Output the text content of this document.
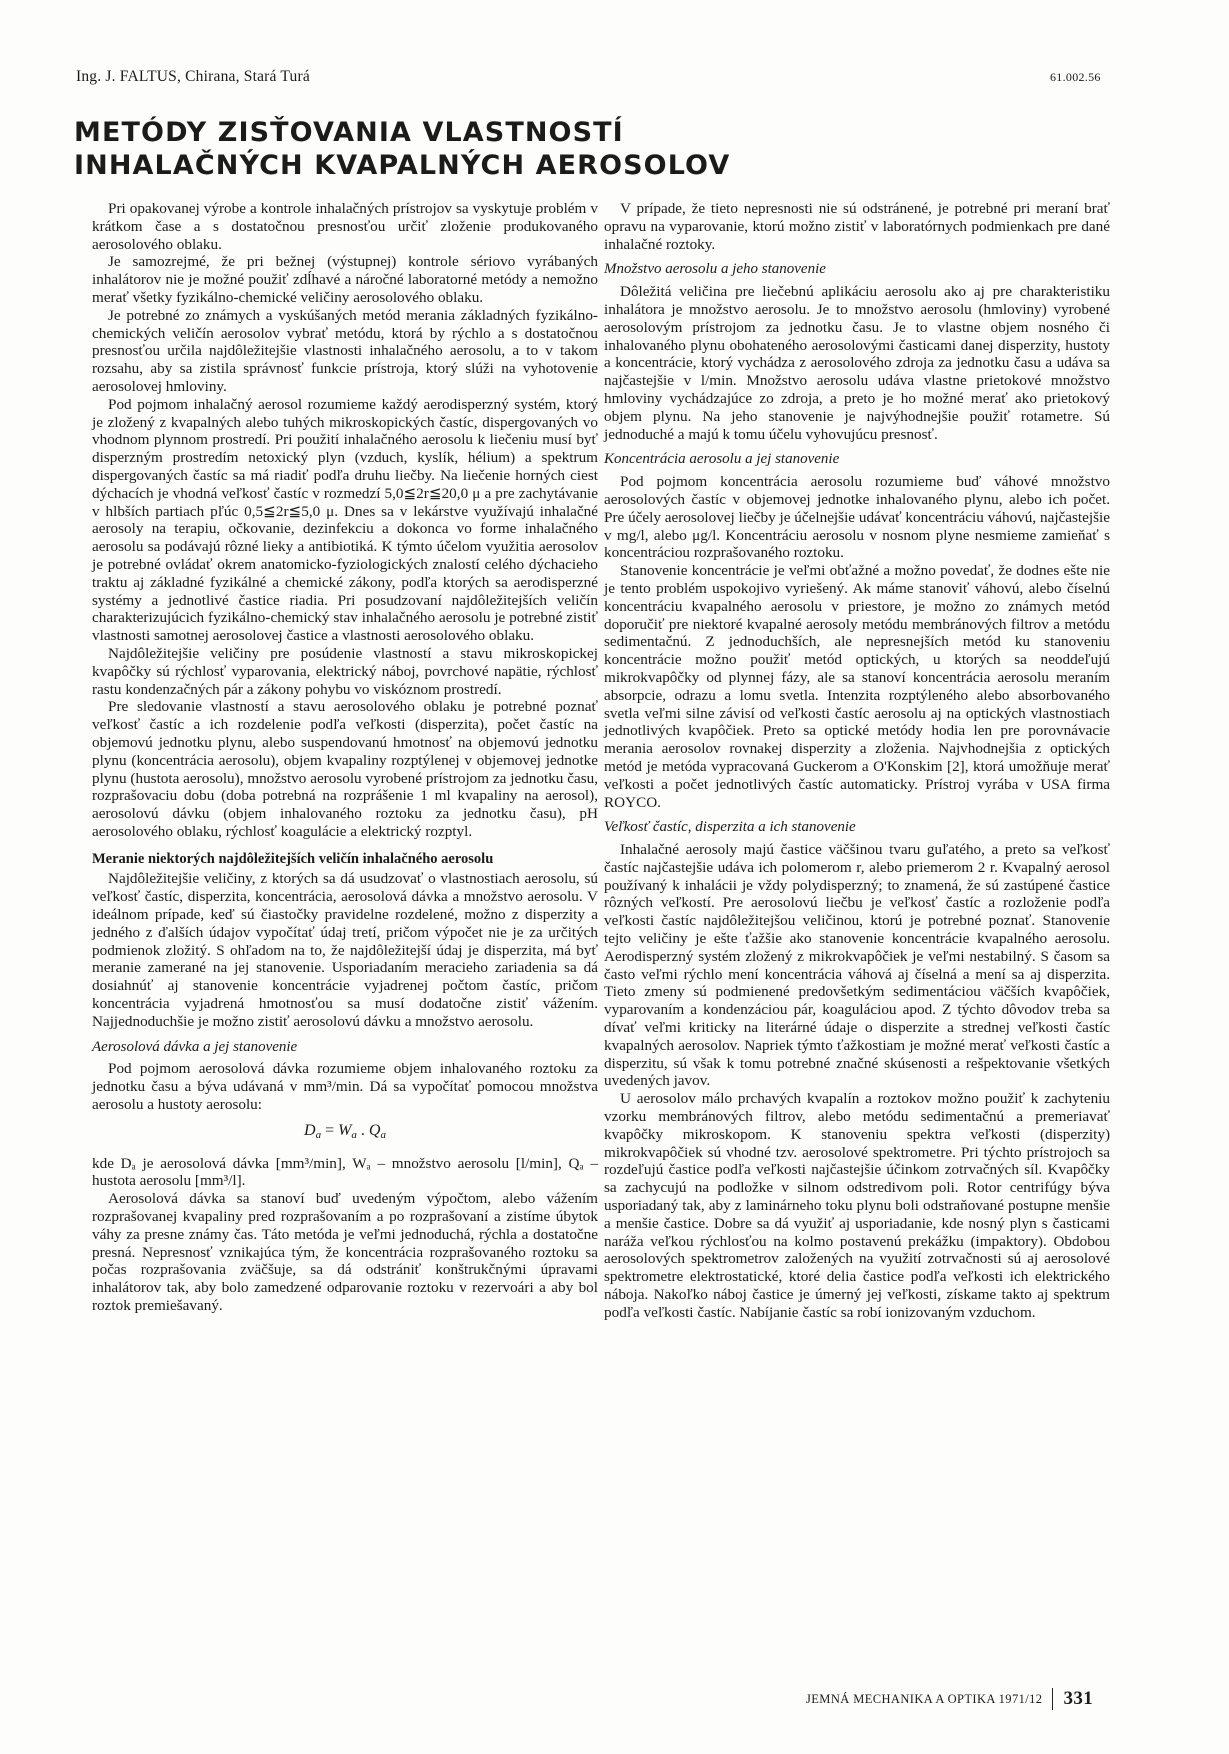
Ing. J. FALTUS, Chirana, Stará Turá	61.002.56
METÓDY ZISŤOVANIA VLASTNOSTÍ
INHALAČNÝCH KVAPALNÝCH AEROSOLOV

Pri opakovanej výrobe a kontrole inhalačných prístrojov sa vyskytuje problém v krátkom čase a s dostatočnou presnosťou určiť zloženie produkovaného aerosolového oblaku.

Je samozrejmé, že pri bežnej (výstupnej) kontrole sériovo vyrábaných inhalátorov nie je možné použiť zdĺhavé a náročné laboratorné metódy a nemožno merať všetky fyzikálno-chemické veličiny aerosolového oblaku.

Je potrebné zo známych a vyskúšaných metód merania základných fyzikálno-chemických veličín aerosolov vybrať metódu, ktorá by rýchlo a s dostatočnou presnosťou určila najdôležitejšie vlastnosti inhalačného aerosolu, a to v takom rozsahu, aby sa zistila správnosť funkcie prístroja, ktorý slúži na vyhotovenie aerosolovej hmloviny.

Pod pojmom inhalačný aerosol rozumieme každý aerodisperzný systém, ktorý je zložený z kvapalných alebo tuhých mikroskopických častíc, dispergovaných vo vhodnom plynnom prostredí. Pri použití inhalačného aerosolu k liečeniu musí byť disperzným prostredím netoxický plyn (vzduch, kyslík, hélium) a spektrum dispergovaných častíc sa má riadiť podľa druhu liečby. Na liečenie horných ciest dýchacích je vhodná veľkosť častíc v rozmedzí 5,0≦2r≦20,0 μ a pre zachytávanie v hlbších partiach pľúc 0,5≦2r≦5,0 μ. Dnes sa v lekárstve využívajú inhalačné aerosoly na terapiu, očkovanie, dezinfekciu a dokonca vo forme inhalačného aerosolu sa podávajú rôzné lieky a antibiotiká. K týmto účelom využitia aerosolov je potrebné ovládať okrem anatomicko-fyziologických znalostí celého dýchacieho traktu aj základné fyzikálné a chemické zákony, podľa ktorých sa aerodisperzné systémy a jednotlivé častice riadia. Pri posudzovaní najdôležitejších veličín charakterizujúcich fyzikálno-chemický stav inhalačného aerosolu je potrebné zistiť vlastnosti samotnej aerosolovej častice a vlastnosti aerosolového oblaku.

Najdôležitejšie veličiny pre posúdenie vlastností a stavu mikroskopickej kvapôčky sú rýchlosť vyparovania, elektrický náboj, povrchové napätie, rýchlosť rastu kondenzačných pár a zákony pohybu vo viskóznom prostredí.

Pre sledovanie vlastností a stavu aerosolového oblaku je potrebné poznať veľkosť častíc a ich rozdelenie podľa veľkosti (disperzita), počet častíc na objemovú jednotku plynu, alebo suspendovanú hmotnosť na objemovú jednotku plynu (koncentrácia aerosolu), objem kvapaliny rozptýlenej v objemovej jednotke plynu (hustota aerosolu), množstvo aerosolu vyrobené prístrojom za jednotku času, rozprašovaciu dobu (doba potrebná na rozprášenie 1 ml kvapaliny na aerosol), aerosolovú dávku (objem inhalovaného roztoku za jednotku času), pH aerosolového oblaku, rýchlosť koagulácie a elektrický rozptyl.

Meranie niektorých najdôležitejších veličín inhalačného aerosolu

Najdôležitejšie veličiny, z ktorých sa dá usudzovať o vlastnostiach aerosolu, sú veľkosť častíc, disperzita, koncentrácia, aerosolová dávka a množstvo aerosolu. V ideálnom prípade, keď sú čiastočky pravidelne rozdelené, možno z disperzity a jedného z ďalších údajov vypočítať údaj tretí, pričom výpočet nie je za určitých podmienok zložitý. S ohľadom na to, že najdôležitejší údaj je disperzita, má byť meranie zamerané na jej stanovenie. Usporiadaním meracieho zariadenia sa dá dosiahnúť aj stanovenie koncentrácie vyjadrenej počtom častíc, pričom koncentrácia vyjadrená hmotnosťou sa musí dodatočne zistiť vážením. Najjednoduchšie je možno zistiť aerosolovú dávku a množstvo aerosolu.

Aerosolová dávka a jej stanovenie

Pod pojmom aerosolová dávka rozumieme objem inhalovaného roztoku za jednotku času a býva udávaná v mm³/min. Dá sa vypočítať pomocou množstva aerosolu a hustoty aerosolu:

$D_a = W_a$ . $Q_a$

kde Dₐ je aerosolová dávka [mm³/min], Wₐ – množstvo aerosolu [l/min], Qₐ – hustota aerosolu [mm³/l].

Aerosolová dávka sa stanoví buď uvedeným výpočtom, alebo vážením rozprašovanej kvapaliny pred rozprašovaním a po rozprašovaní a zistíme úbytok váhy za presne známy čas. Táto metóda je veľmi jednoduchá, rýchla a dostatočne presná. Nepresnosť vznikajúca tým, že koncentrácia rozprašovaného roztoku sa počas rozprašovania zväčšuje, sa dá odstrániť konštrukčnými úpravami inhalátorov tak, aby bolo zamedzené odparovanie roztoku v rezervoári a aby bol roztok premiešavaný.

V prípade, že tieto nepresnosti nie sú odstránené, je potrebné pri meraní brať opravu na vyparovanie, ktorú možno zistiť v laboratórnych podmienkach pre dané inhalačné roztoky.

Množstvo aerosolu a jeho stanovenie

Dôležitá veličina pre liečebnú aplikáciu aerosolu ako aj pre charakteristiku inhalátora je množstvo aerosolu. Je to množstvo aerosolu (hmloviny) vyrobené aerosolovým prístrojom za jednotku času. Je to vlastne objem nosného či inhalovaného plynu obohateného aerosolovými časticami danej disperzity, hustoty a koncentrácie, ktorý vychádza z aerosolového zdroja za jednotku času a udáva sa najčastejšie v l/min. Množstvo aerosolu udáva vlastne prietokové množstvo hmloviny vychádzajúce zo zdroja, a preto je ho možné merať ako prietokový objem plynu. Na jeho stanovenie je najvýhodnejšie použiť rotametre. Sú jednoduché a majú k tomu účelu vyhovujúcu presnosť.

Koncentrácia aerosolu a jej stanovenie

Pod pojmom koncentrácia aerosolu rozumieme buď váhové množstvo aerosolových častíc v objemovej jednotke inhalovaného plynu, alebo ich počet. Pre účely aerosolovej liečby je účelnejšie udávať koncentráciu váhovú, najčastejšie v mg/l, alebo μg/l. Koncentráciu aerosolu v nosnom plyne nesmieme zamieňať s koncentráciou rozprašovaného roztoku.

Stanovenie koncentrácie je veľmi obťažné a možno povedať, že dodnes ešte nie je tento problém uspokojivo vyriešený. Ak máme stanoviť váhovú, alebo číselnú koncentráciu kvapalného aerosolu v priestore, je možno zo známych metód doporučiť pre niektoré kvapalné aerosoly metódu membránových filtrov a metódu sedimentačnú. Z jednoduchších, ale nepresnejších metód ku stanoveniu koncentrácie možno použiť metód optických, u ktorých sa neoddeľujú mikrokvapôčky od plynnej fázy, ale sa stanoví koncentrácia aerosolu meraním absorpcie, odrazu a lomu svetla. Intenzita rozptýleného alebo absorbovaného svetla veľmi silne závisí od veľkosti častíc aerosolu aj na optických vlastnostiach jednotlivých kvapôčiek. Preto sa optické metódy hodia len pre porovnávacie merania aerosolov rovnakej disperzity a zloženia. Najvhodnejšia z optických metód je metóda vypracovaná Guckerom a O'Konskim [2], ktorá umožňuje merať veľkosti a počet jednotlivých častíc automaticky. Prístroj vyrába v USA firma ROYCO.

Veľkosť častíc, disperzita a ich stanovenie

Inhalačné aerosoly majú častice väčšinou tvaru guľatého, a preto sa veľkosť častíc najčastejšie udáva ich polomerom r, alebo priemerom 2 r. Kvapalný aerosol používaný k inhalácii je vždy polydisperzný; to znamená, že sú zastúpené častice rôzných veľkostí. Pre aerosolovú liečbu je veľkosť častíc a rozloženie podľa veľkosti častíc najdôležitejšou veličinou, ktorú je potrebné poznať. Stanovenie tejto veličiny je ešte ťažšie ako stanovenie koncentrácie kvapalného aerosolu. Aerodisperzný systém zložený z mikrokvapôčiek je veľmi nestabilný. S časom sa často veľmi rýchlo mení koncentrácia váhová aj číselná a mení sa aj disperzita. Tieto zmeny sú podmienené predovšetkým sedimentáciou väčších kvapôčiek, vyparovaním a kondenzáciou pár, koaguláciou apod. Z týchto dôvodov treba sa dívať veľmi kriticky na literárné údaje o disperzite a strednej veľkosti častíc kvapalných aerosolov. Napriek týmto ťažkostiam je možné merať veľkosti častíc a disperzitu, sú však k tomu potrebné značné skúsenosti a rešpektovanie všetkých uvedených javov.

U aerosolov málo prchavých kvapalín a roztokov možno použiť k zachyteniu vzorku membránových filtrov, alebo metódu sedimentačnú a premeriavať kvapôčky mikroskopom. K stanoveniu spektra veľkosti (disperzity) mikrokvapôčiek sú vhodné tzv. aerosolové spektrometre. Pri týchto prístrojoch sa rozdeľujú častice podľa veľkosti najčastejšie účinkom zotrvačných síl. Kvapôčky sa zachycujú na podložke v silnom odstredivom poli. Rotor centrifúgy býva usporiadaný tak, aby z laminárneho toku plynu boli odstraňované postupne menšie a menšie častice. Dobre sa dá využiť aj usporiadanie, kde nosný plyn s časticami naráža veľkou rýchlosťou na kolmo postavenú prekážku (impaktory). Obdobou aerosolových spektrometrov založených na využití zotrvačnosti sú aj aerosolové spektrometre elektrostatické, ktoré delia častice podľa veľkosti ich elektrického náboja. Nakoľko náboj častice je úmerný jej veľkosti, získame takto aj spektrum podľa veľkosti častíc. Nabíjanie častíc sa robí ionizovaným vzduchom.

JEMNÁ MECHANIKA A OPTIKA 1971/12 331
